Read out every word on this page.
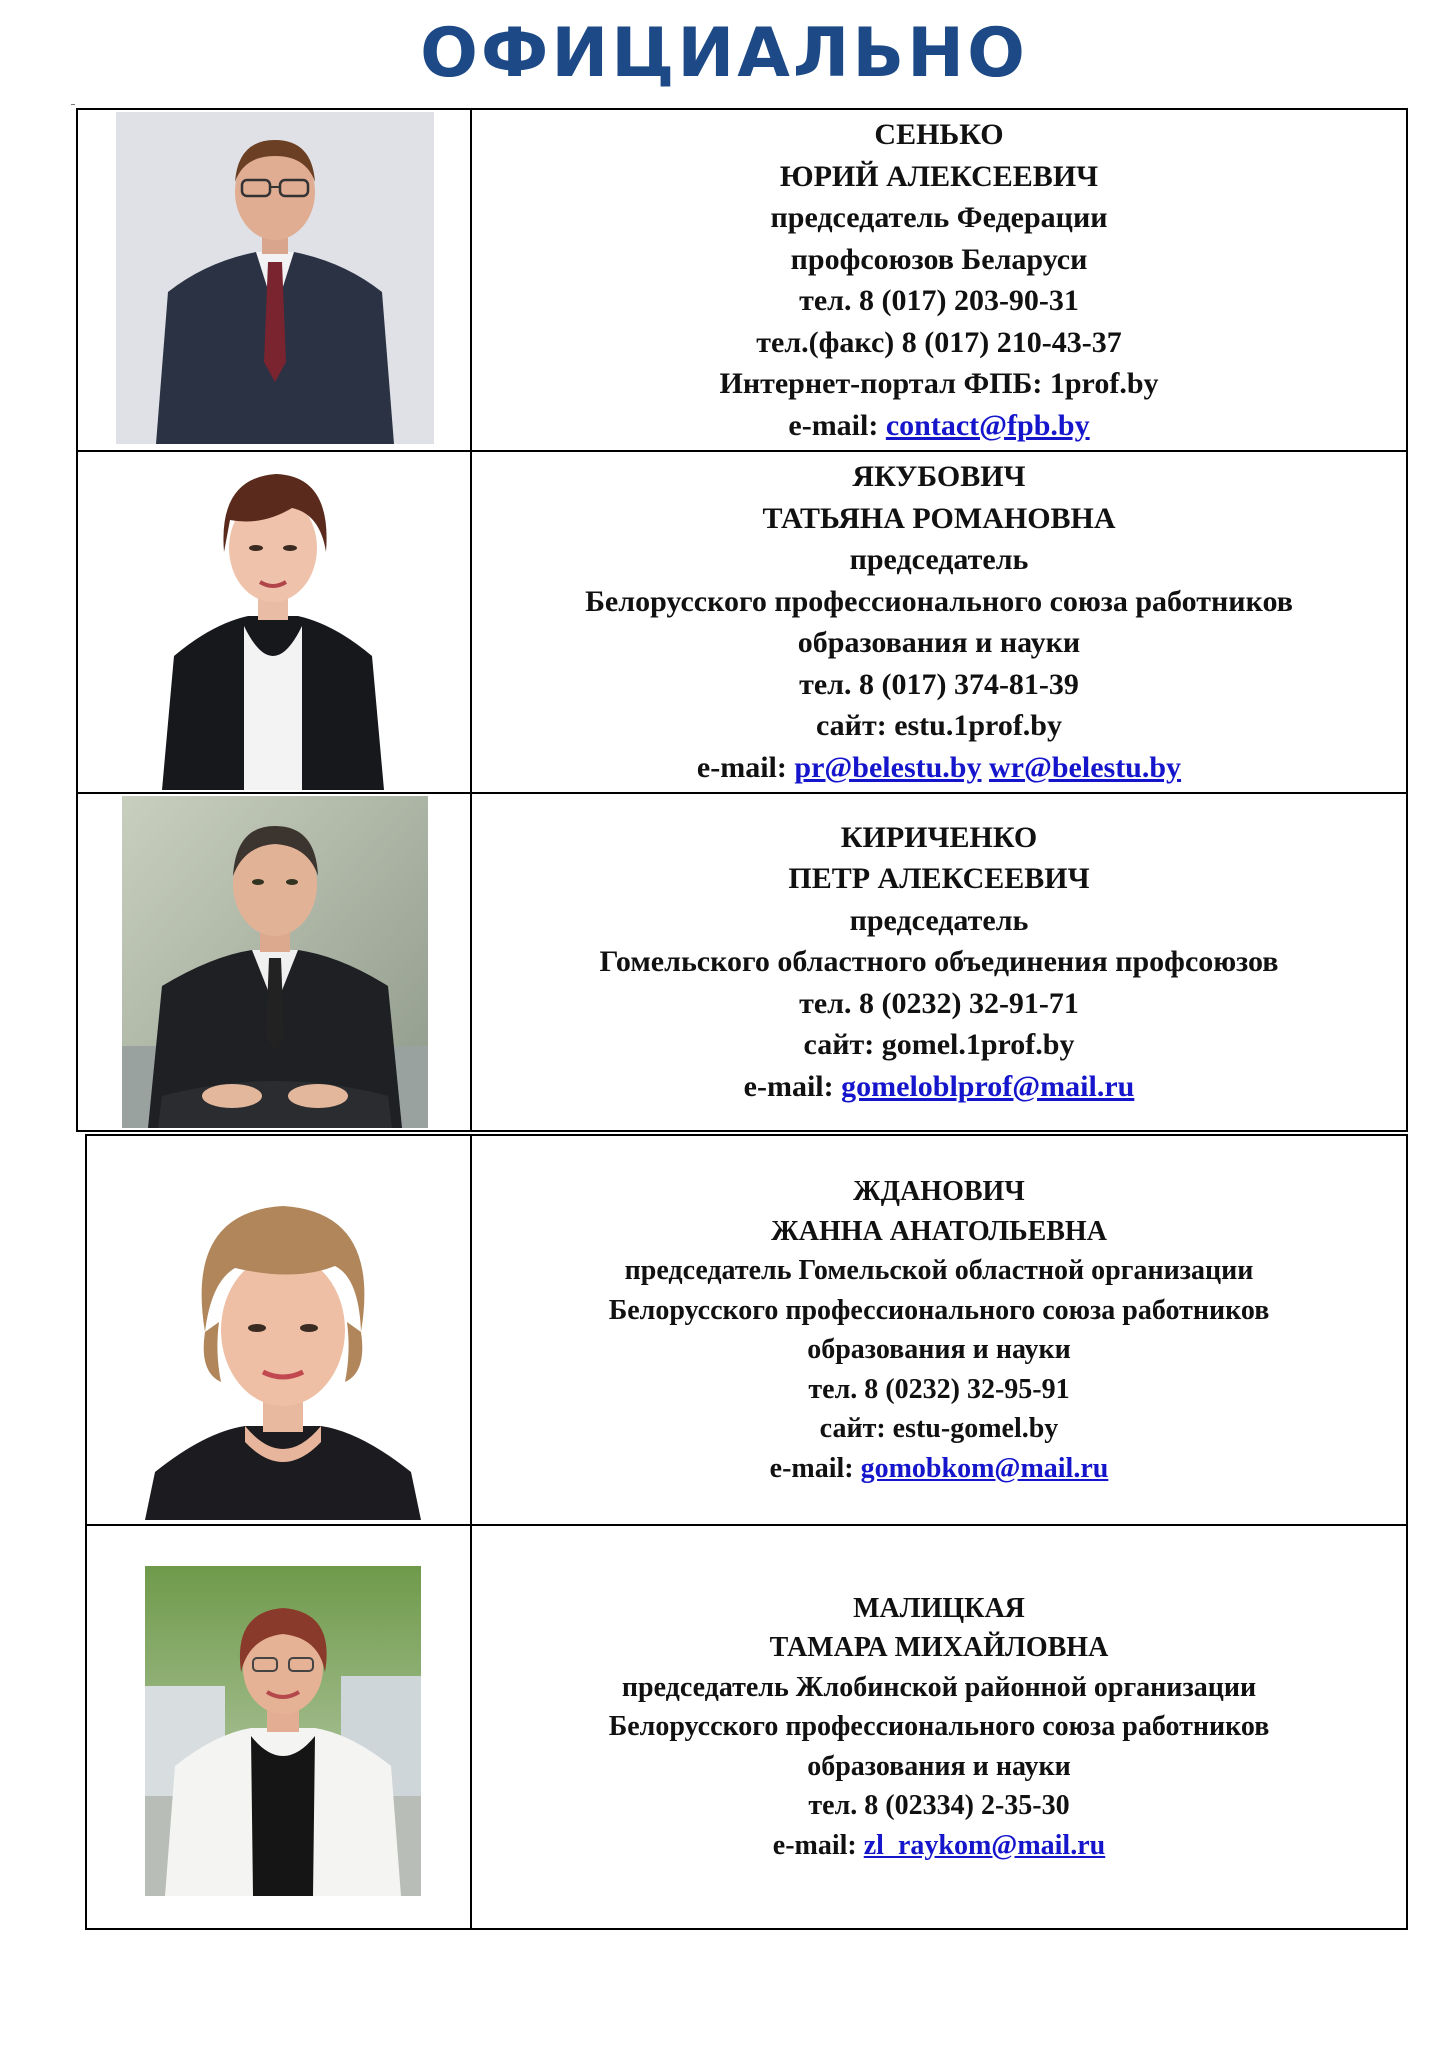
ОФИЦИАЛЬНО
СЕНЬКО
ЮРИЙ АЛЕКСЕЕВИЧ
председатель Федерации
профсоюзов Беларуси
тел. 8 (017) 203-90-31
тел.(факс) 8 (017) 210-43-37
Интернет-портал ФПБ: 1prof.by
e-mail: contact@fpb.by
ЯКУБОВИЧ
ТАТЬЯНА РОМАНОВНА
председатель
Белорусского профессионального союза работников
образования и науки
тел. 8 (017) 374-81-39
сайт: estu.1prof.by
e-mail: pr@belestu.by wr@belestu.by
КИРИЧЕНКО
ПЕТР АЛЕКСЕЕВИЧ
председатель
Гомельского областного объединения профсоюзов
тел. 8 (0232) 32-91-71
сайт: gomel.1prof.by
e-mail: gomeloblprof@mail.ru
ЖДАНОВИЧ
ЖАННА АНАТОЛЬЕВНА
председатель Гомельской областной организации
Белорусского профессионального союза работников
образования и науки
тел. 8 (0232) 32-95-91
сайт: estu-gomel.by
e-mail: gomobkom@mail.ru
МАЛИЦКАЯ
ТАМАРА МИХАЙЛОВНА
председатель Жлобинской районной организации
Белорусского профессионального союза работников
образования и науки
тел. 8 (02334) 2-35-30
e-mail: zl_raykom@mail.ru
